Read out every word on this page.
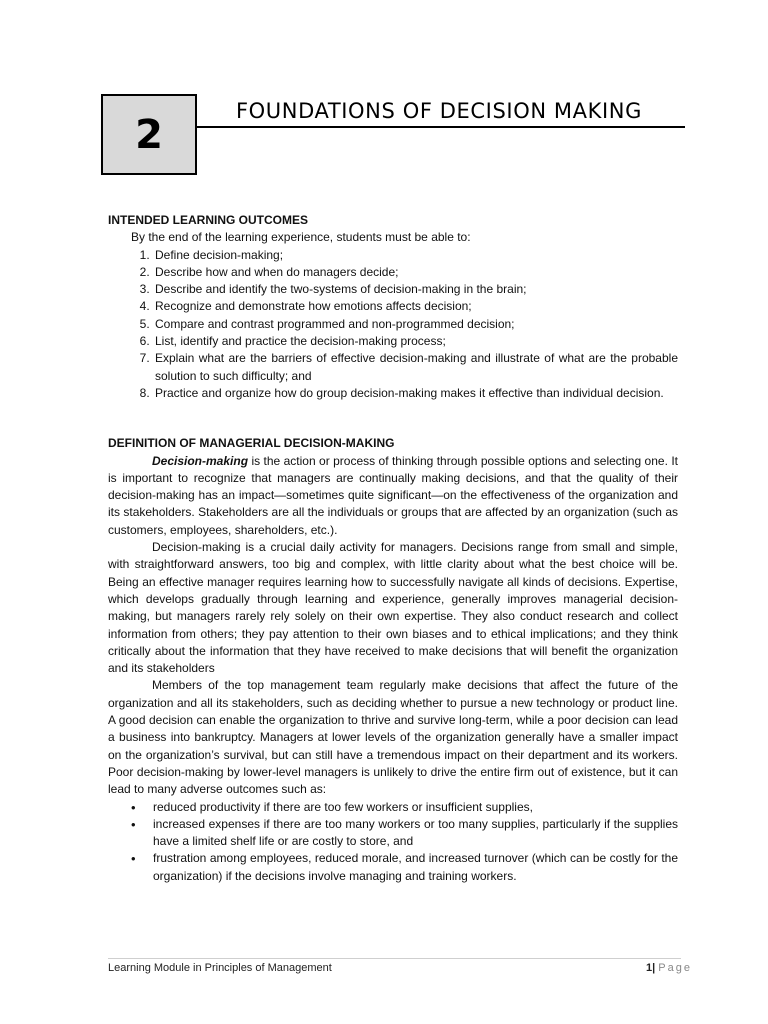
2
FOUNDATIONS OF DECISION MAKING

INTENDED LEARNING OUTCOMES

By the end of the learning experience, students must be able to:

1. Define decision-making;
2. Describe how and when do managers decide;
3. Describe and identify the two-systems of decision-making in the brain;
4. Recognize and demonstrate how emotions affects decision;
5. Compare and contrast programmed and non-programmed decision;
6. List, identify and practice the decision-making process;
7. Explain what are the barriers of effective decision-making and illustrate of what are the probable solution to such difficulty; and
8. Practice and organize how do group decision-making makes it effective than individual decision.

DEFINITION OF MANAGERIAL DECISION-MAKING

Decision-making is the action or process of thinking through possible options and selecting one. It is important to recognize that managers are continually making decisions, and that the quality of their decision-making has an impact—sometimes quite significant—on the effectiveness of the organization and its stakeholders. Stakeholders are all the individuals or groups that are affected by an organization (such as customers, employees, shareholders, etc.).

Decision-making is a crucial daily activity for managers. Decisions range from small and simple, with straightforward answers, too big and complex, with little clarity about what the best choice will be. Being an effective manager requires learning how to successfully navigate all kinds of decisions. Expertise, which develops gradually through learning and experience, generally improves managerial decision-making, but managers rarely rely solely on their own expertise. They also conduct research and collect information from others; they pay attention to their own biases and to ethical implications; and they think critically about the information that they have received to make decisions that will benefit the organization and its stakeholders

Members of the top management team regularly make decisions that affect the future of the organization and all its stakeholders, such as deciding whether to pursue a new technology or product line. A good decision can enable the organization to thrive and survive long-term, while a poor decision can lead a business into bankruptcy. Managers at lower levels of the organization generally have a smaller impact on the organization’s survival, but can still have a tremendous impact on their department and its workers. Poor decision-making by lower-level managers is unlikely to drive the entire firm out of existence, but it can lead to many adverse outcomes such as:

• reduced productivity if there are too few workers or insufficient supplies,
• increased expenses if there are too many workers or too many supplies, particularly if the supplies have a limited shelf life or are costly to store, and
• frustration among employees, reduced morale, and increased turnover (which can be costly for the organization) if the decisions involve managing and training workers.
Learning Module in Principles of Management	1| Page
